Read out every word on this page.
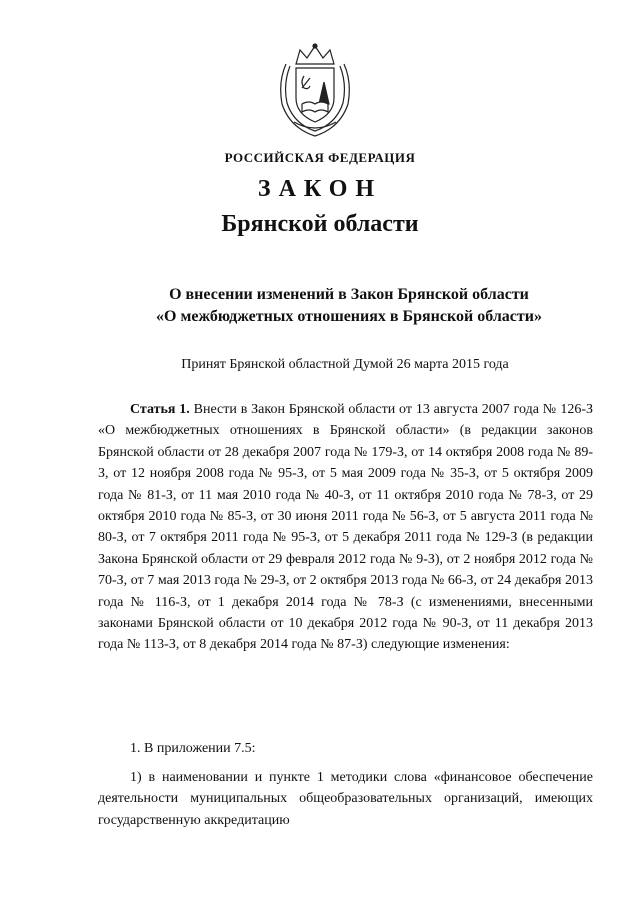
РОССИЙСКАЯ ФЕДЕРАЦИЯ
ЗАКОН
Брянской области
О внесении изменений в Закон Брянской области
«О межбюджетных отношениях в Брянской области»
Принят Брянской областной Думой 26 марта 2015 года

Статья 1. Внести в Закон Брянской области от 13 августа 2007 года № 126-З «О межбюджетных отношениях в Брянской области» (в редакции законов Брянской области от 28 декабря 2007 года № 179-З, от 14 октября 2008 года № 89-З, от 12 ноября 2008 года № 95-З, от 5 мая 2009 года № 35-З, от 5 октября 2009 года № 81-З, от 11 мая 2010 года № 40-З, от 11 октября 2010 года № 78-З, от 29 октября 2010 года № 85-З, от 30 июня 2011 года № 56-З, от 5 августа 2011 года № 80-З, от 7 октября 2011 года № 95-З, от 5 декабря 2011 года № 129-З (в редакции Закона Брянской области от 29 февраля 2012 года № 9-З), от 2 ноября 2012 года № 70-З, от 7 мая 2013 года № 29-З, от 2 октября 2013 года № 66-З, от 24 декабря 2013 года № 116-З, от 1 декабря 2014 года № 78-З (с изменениями, внесенными законами Брянской области от 10 декабря 2012 года № 90-З, от 11 декабря 2013 года № 113-З, от 8 декабря 2014 года № 87-З) следующие изменения:

1. В приложении 7.5:

1) в наименовании и пункте 1 методики слова «финансовое обеспечение деятельности муниципальных общеобразовательных организаций, имеющих государственную аккредитацию
